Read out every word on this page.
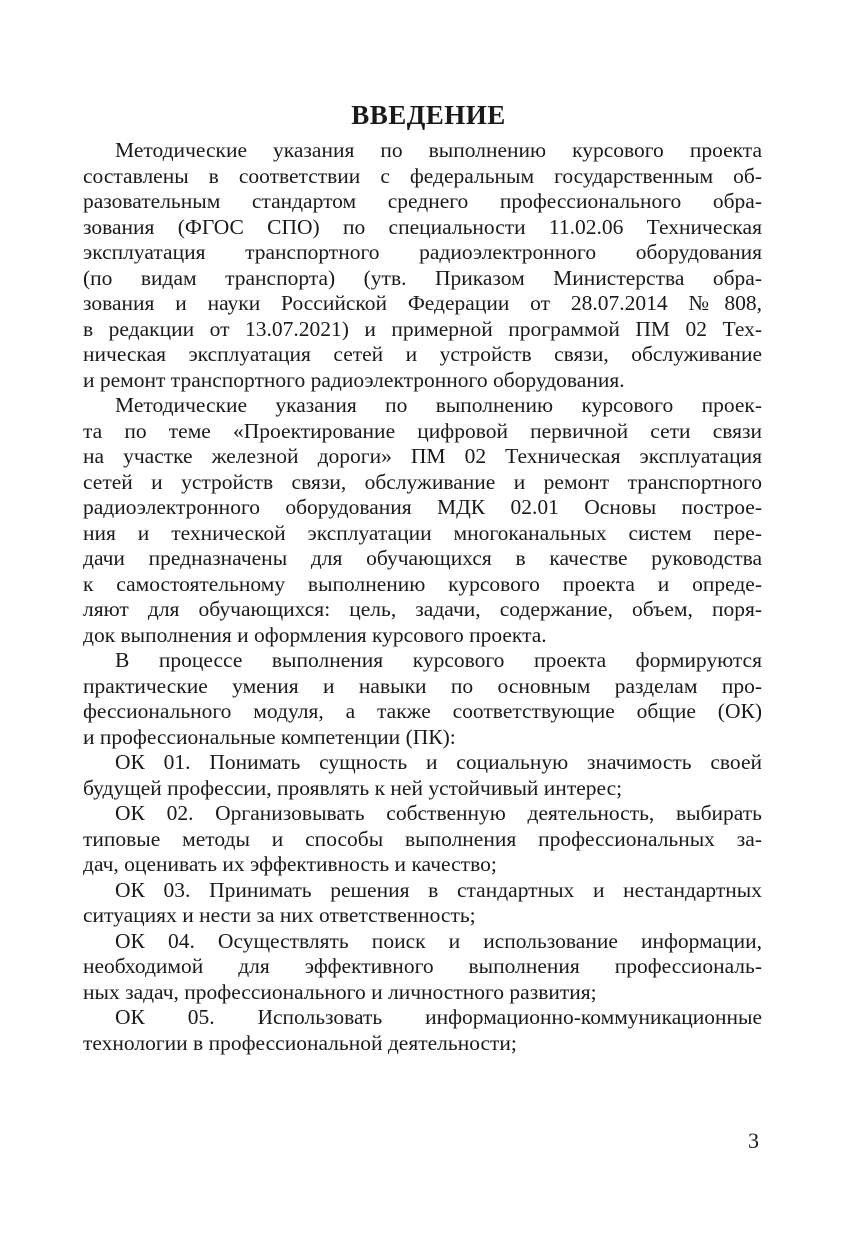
ВВЕДЕНИЕ
Методические указания по выполнению курсового проекта
составлены в соответствии с федеральным государственным об-
разовательным стандартом среднего профессионального обра-
зования (ФГОС СПО) по специальности 11.02.06 Техническая
эксплуатация транспортного радиоэлектронного оборудования
(по видам транспорта) (утв. Приказом Министерства обра-
зования и науки Российской Федерации от 28.07.2014 №808,
в редакции от 13.07.2021) и примерной программой ПМ 02 Тех-
ническая эксплуатация сетей и устройств связи, обслуживание
и ремонт транспортного радиоэлектронного оборудования.
Методические указания по выполнению курсового проек-
та по теме «Проектирование цифровой первичной сети связи
на участке железной дороги» ПМ 02 Техническая эксплуатация
сетей и устройств связи, обслуживание и ремонт транспортного
радиоэлектронного оборудования МДК 02.01 Основы построе-
ния и технической эксплуатации многоканальных систем пере-
дачи предназначены для обучающихся в качестве руководства
к самостоятельному выполнению курсового проекта и опреде-
ляют для обучающихся: цель, задачи, содержание, объем, поря-
док выполнения и оформления курсового проекта.
В процессе выполнения курсового проекта формируются
практические умения и навыки по основным разделам про-
фессионального модуля, а также соответствующие общие (ОК)
и профессиональные компетенции (ПК):
ОК 01. Понимать сущность и социальную значимость своей
будущей профессии, проявлять к ней устойчивый интерес;
ОК 02. Организовывать собственную деятельность, выбирать
типовые методы и способы выполнения профессиональных за-
дач, оценивать их эффективность и качество;
ОК 03. Принимать решения в стандартных и нестандартных
ситуациях и нести за них ответственность;
ОК 04. Осуществлять поиск и использование информации,
необходимой для эффективного выполнения профессиональ-
ных задач, профессионального и личностного развития;
ОК 05. Использовать информационно-коммуникационные
технологии в профессиональной деятельности;
3
